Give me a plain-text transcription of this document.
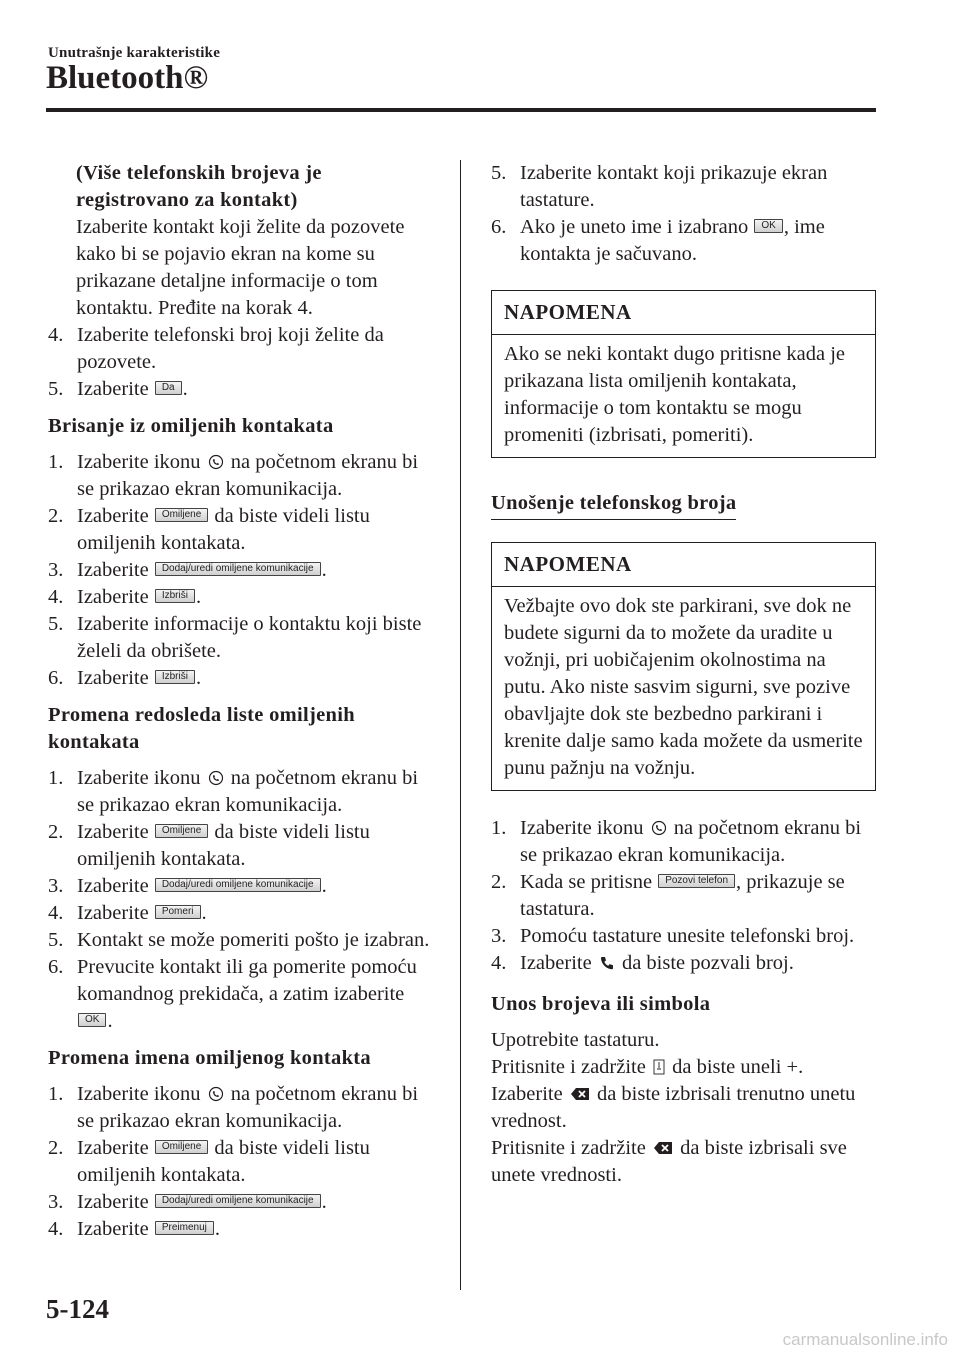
Unutrašnje karakteristike
Bluetooth®
(Više telefonskih brojeva je registrovano za kontakt)

Izaberite kontakt koji želite da pozovete kako bi se pojavio ekran na kome su prikazane detaljne informacije o tom kontaktu. Pređite na korak 4.

4. Izaberite telefonski broj koji želite da pozovete.
5. Izaberite Da .
Brisanje iz omiljenih kontakata
1. Izaberite ikonu na početnom ekranu bi se prikazao ekran komunikacija.
2. Izaberite Omiljene da biste videli listu omiljenih kontakata.
3. Izaberite Dodaj/uredi omiljene komunikacije .
4. Izaberite Izbriši .
5. Izaberite informacije o kontaktu koji biste želeli da obrišete.
6. Izaberite Izbriši .
Promena redosleda liste omiljenih kontakata
1. Izaberite ikonu na početnom ekranu bi se prikazao ekran komunikacija.
2. Izaberite Omiljene da biste videli listu omiljenih kontakata.
3. Izaberite Dodaj/uredi omiljene komunikacije .
4. Izaberite Pomeri .
5. Kontakt se može pomeriti pošto je izabran.
6. Prevucite kontakt ili ga pomerite pomoću komandnog prekidača, a zatim izaberite OK .
Promena imena omiljenog kontakta
1. Izaberite ikonu na početnom ekranu bi se prikazao ekran komunikacija.
2. Izaberite Omiljene da biste videli listu omiljenih kontakata.
3. Izaberite Dodaj/uredi omiljene komunikacije .
4. Izaberite Preimenuj .
5. Izaberite kontakt koji prikazuje ekran tastature.
6. Ako je uneto ime i izabrano OK , ime kontakta je sačuvano.
NAPOMENA
Ako se neki kontakt dugo pritisne kada je prikazana lista omiljenih kontakata, informacije o tom kontaktu se mogu promeniti (izbrisati, pomeriti).
Unošenje telefonskog broja
NAPOMENA
Vežbajte ovo dok ste parkirani, sve dok ne budete sigurni da to možete da uradite u vožnji, pri uobičajenim okolnostima na putu. Ako niste sasvim sigurni, sve pozive obavljajte dok ste bezbedno parkirani i krenite dalje samo kada možete da usmerite punu pažnju na vožnju.
1. Izaberite ikonu na početnom ekranu bi se prikazao ekran komunikacija.
2. Kada se pritisne Pozovi telefon , prikazuje se tastatura.
3. Pomoću tastature unesite telefonski broj.
4. Izaberite da biste pozvali broj.
Unos brojeva ili simbola

Upotrebite tastaturu.

Pritisnite i zadržite da biste uneli +.

Izaberite da biste izbrisali trenutno unetu vrednost.

Pritisnite i zadržite da biste izbrisali sve unete vrednosti.

5-124
carmanualsonline.info
